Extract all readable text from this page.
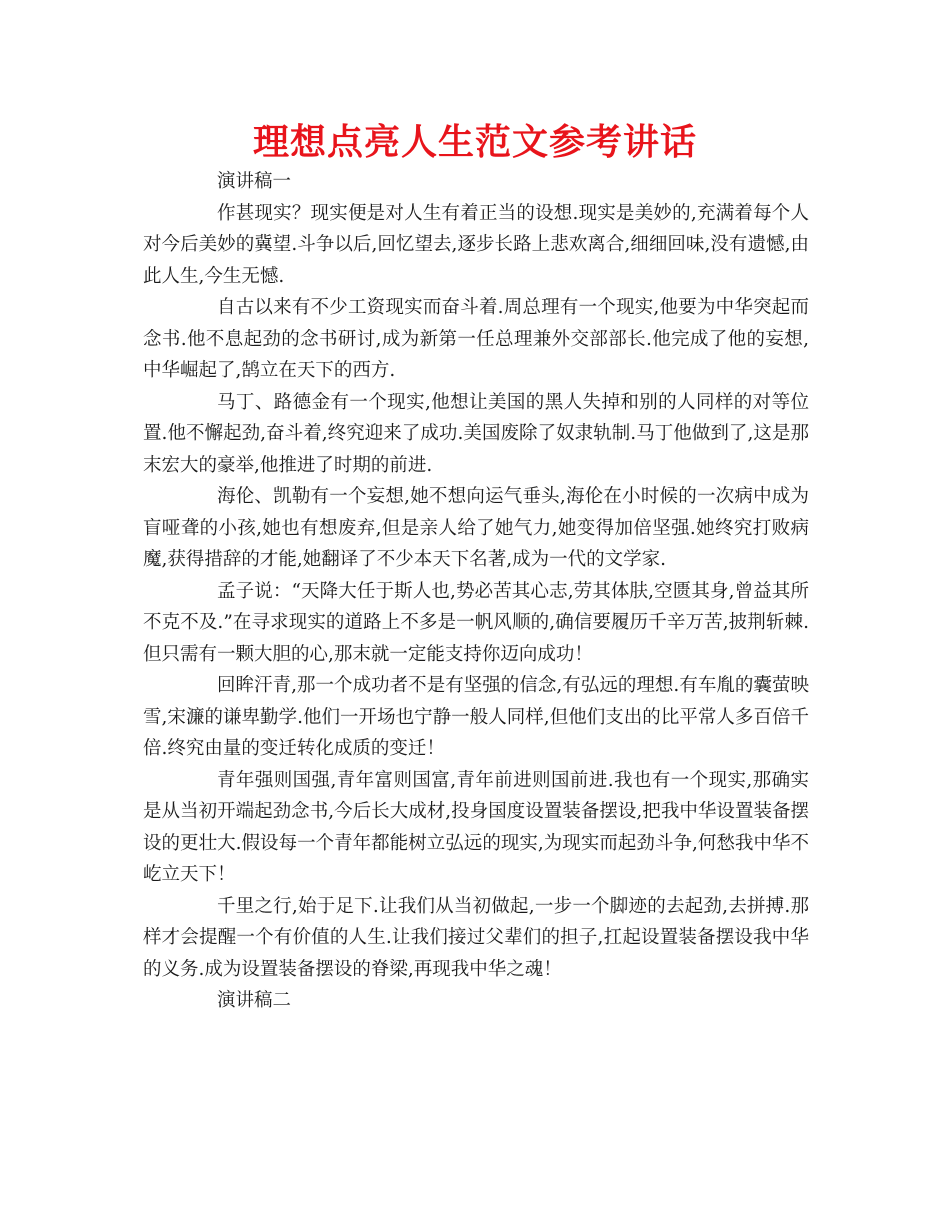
理想点亮人生范文参考讲话

演讲稿一

作甚现实？现实便是对人生有着正当的设想.现实是美妙的,充满着每个人对今后美妙的冀望.斗争以后,回忆望去,逐步长路上悲欢离合,细细回味,没有遗憾,由此人生,今生无憾.

自古以来有不少工资现实而奋斗着.周总理有一个现实,他要为中华突起而念书.他不息起劲的念书研讨,成为新第一任总理兼外交部部长.他完成了他的妄想,中华崛起了,鹄立在天下的西方.

马丁、路德金有一个现实,他想让美国的黑人失掉和别的人同样的对等位置.他不懈起劲,奋斗着,终究迎来了成功.美国废除了奴隶轨制.马丁他做到了,这是那末宏大的豪举,他推进了时期的前进.

海伦、凯勒有一个妄想,她不想向运气垂头,海伦在小时候的一次病中成为盲哑聋的小孩,她也有想废弃,但是亲人给了她气力,她变得加倍坚强.她终究打败病魔,获得措辞的才能,她翻译了不少本天下名著,成为一代的文学家.

孟子说：“天降大任于斯人也,势必苦其心志,劳其体肤,空匮其身,曾益其所不克不及.”在寻求现实的道路上不多是一帆风顺的,确信要履历千辛万苦,披荆斩棘.但只需有一颗大胆的心,那末就一定能支持你迈向成功！

回眸汗青,那一个成功者不是有坚强的信念,有弘远的理想.有车胤的囊萤映雪,宋濂的谦卑勤学.他们一开场也宁静一般人同样,但他们支出的比平常人多百倍千倍.终究由量的变迁转化成质的变迁！

青年强则国强,青年富则国富,青年前进则国前进.我也有一个现实,那确实是从当初开端起劲念书,今后长大成材,投身国度设置装备摆设,把我中华设置装备摆设的更壮大.假设每一个青年都能树立弘远的现实,为现实而起劲斗争,何愁我中华不屹立天下！

千里之行,始于足下.让我们从当初做起,一步一个脚迹的去起劲,去拼搏.那样才会提醒一个有价值的人生.让我们接过父辈们的担子,扛起设置装备摆设我中华的义务.成为设置装备摆设的脊梁,再现我中华之魂！

演讲稿二
